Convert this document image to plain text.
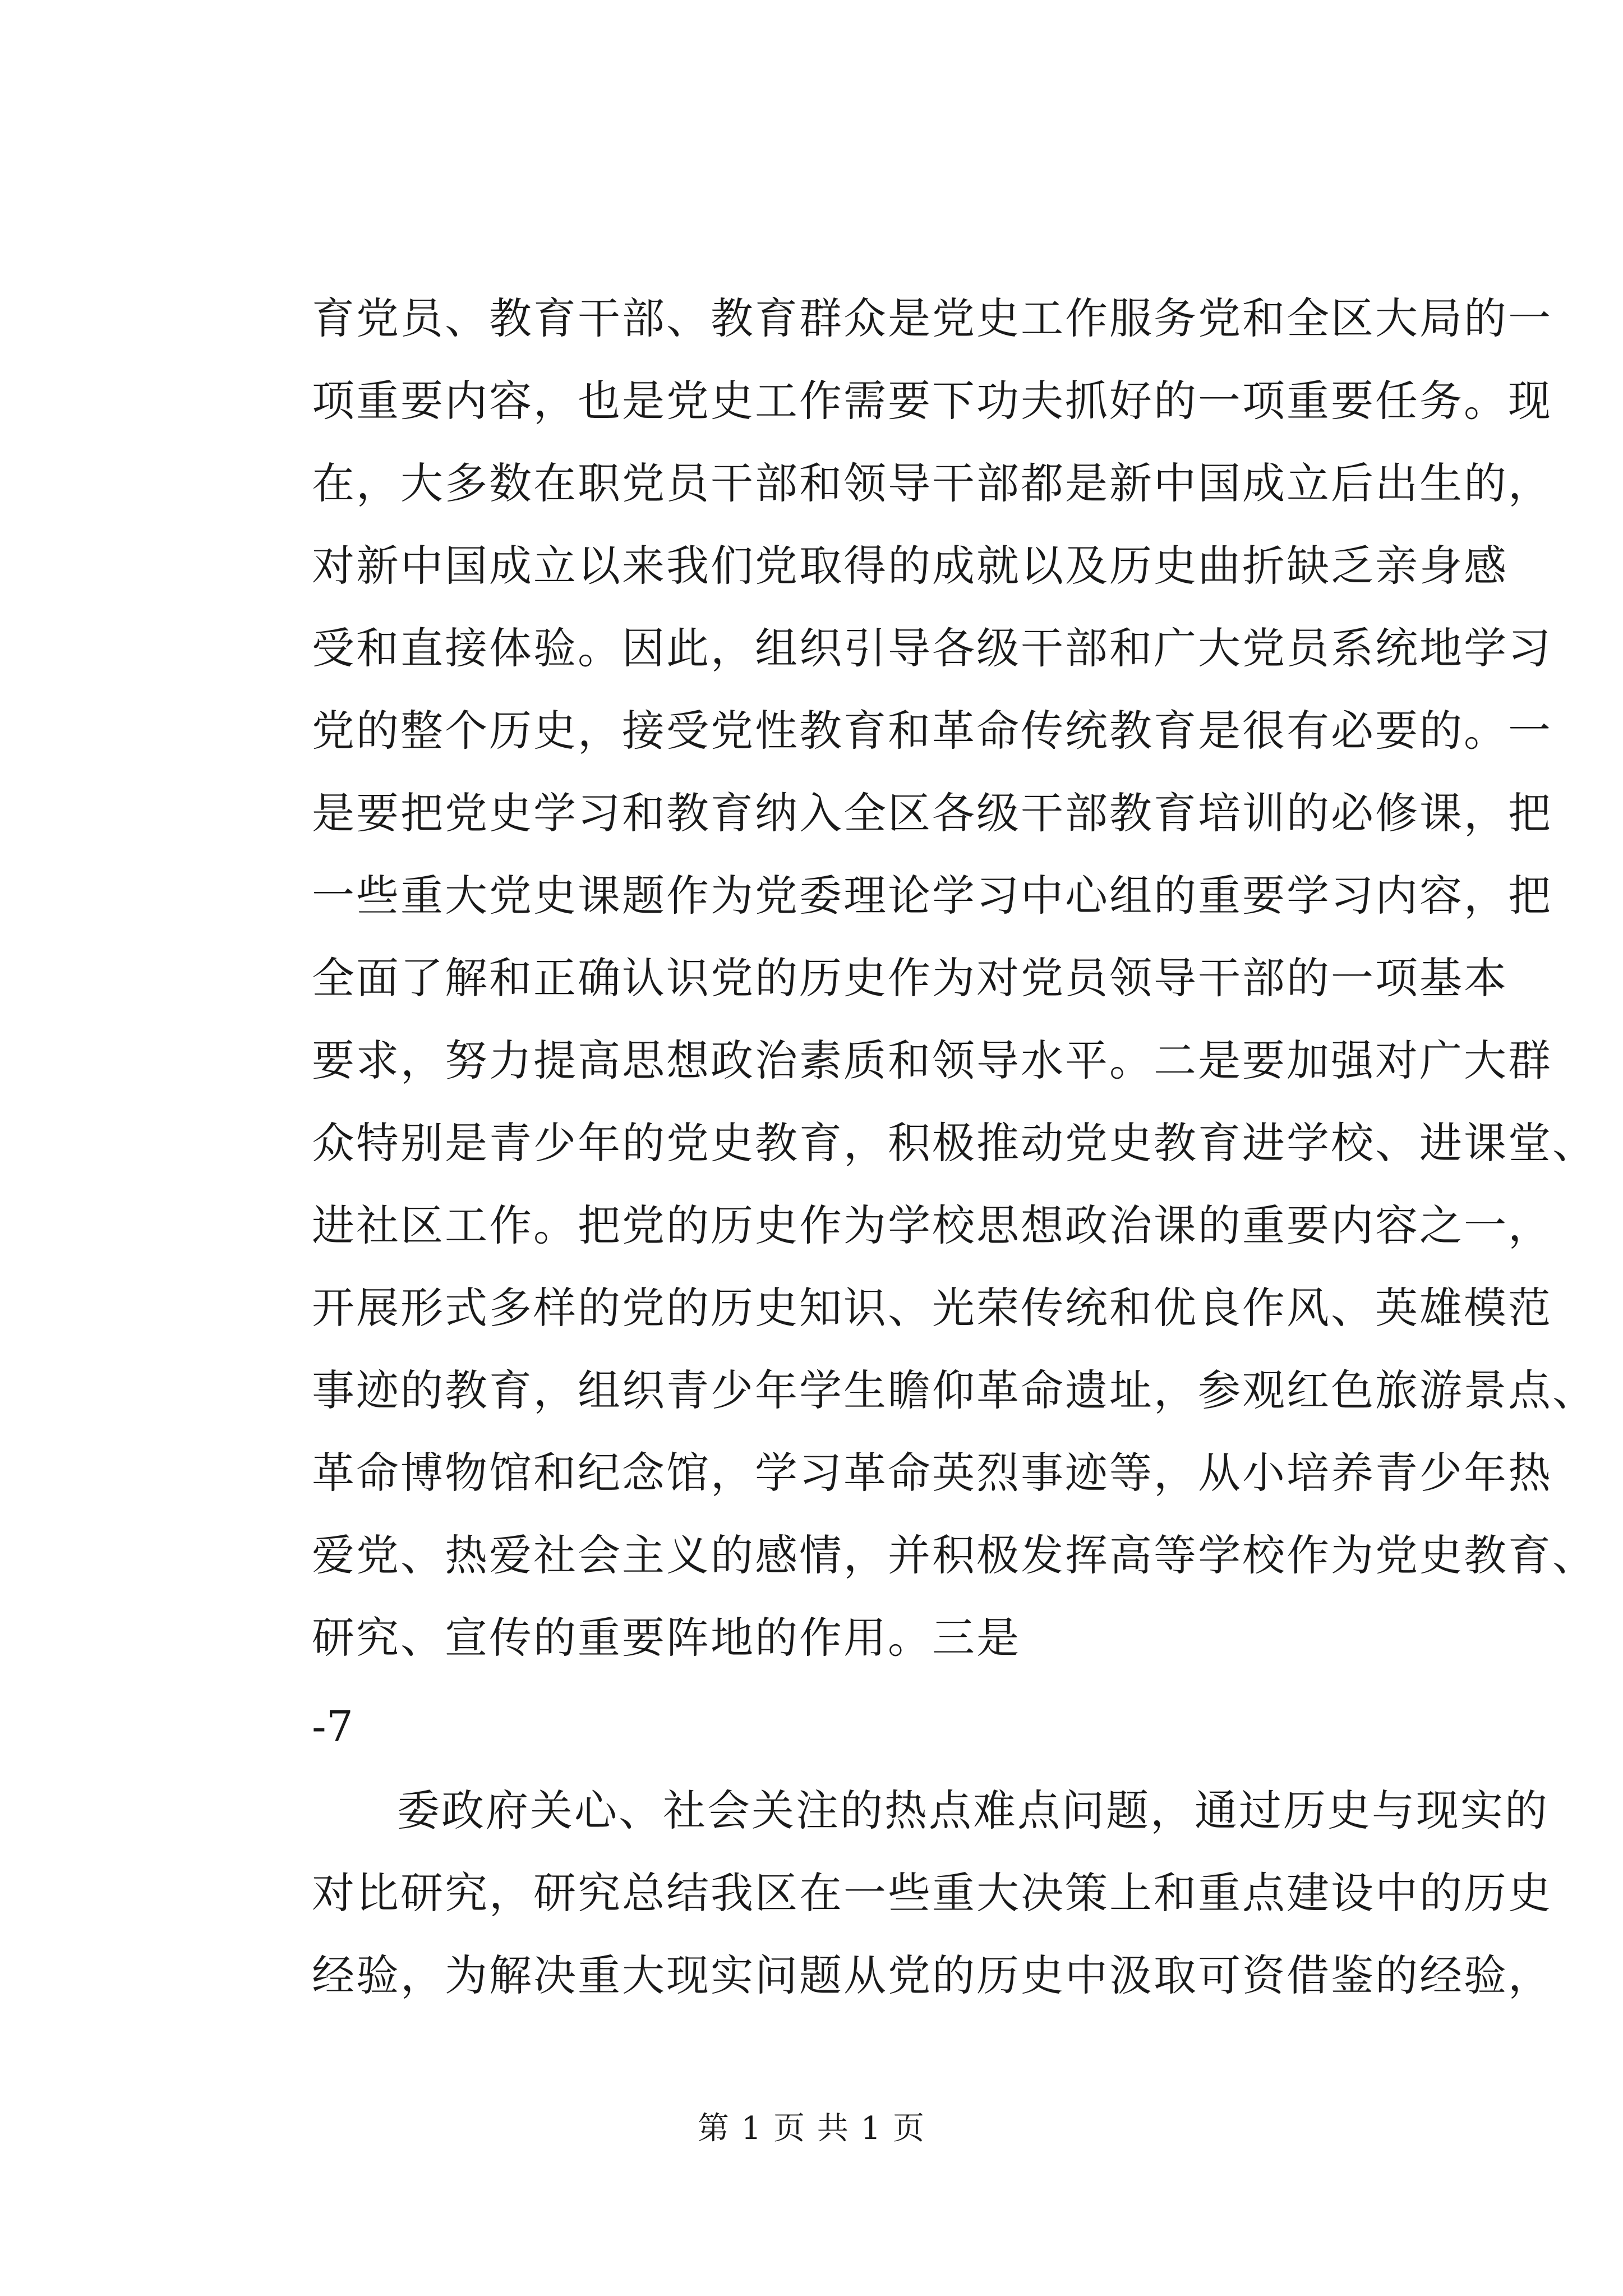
育党员、教育干部、教育群众是党史工作服务党和全区大局的一
项重要内容，也是党史工作需要下功夫抓好的一项重要任务。现
在，大多数在职党员干部和领导干部都是新中国成立后出生的，
对新中国成立以来我们党取得的成就以及历史曲折缺乏亲身感
受和直接体验。因此，组织引导各级干部和广大党员系统地学习
党的整个历史，接受党性教育和革命传统教育是很有必要的。一
是要把党史学习和教育纳入全区各级干部教育培训的必修课，把
一些重大党史课题作为党委理论学习中心组的重要学习内容，把
全面了解和正确认识党的历史作为对党员领导干部的一项基本
要求，努力提高思想政治素质和领导水平。二是要加强对广大群
众特别是青少年的党史教育，积极推动党史教育进学校、进课堂、
进社区工作。把党的历史作为学校思想政治课的重要内容之一，
开展形式多样的党的历史知识、光荣传统和优良作风、英雄模范
事迹的教育，组织青少年学生瞻仰革命遗址，参观红色旅游景点、
革命博物馆和纪念馆，学习革命英烈事迹等，从小培养青少年热
爱党、热爱社会主义的感情，并积极发挥高等学校作为党史教育、
研究、宣传的重要阵地的作用。三是
-7
委政府关心、社会关注的热点难点问题，通过历史与现实的
对比研究，研究总结我区在一些重大决策上和重点建设中的历史
经验，为解决重大现实问题从党的历史中汲取可资借鉴的经验，
第 1 页 共 1 页
